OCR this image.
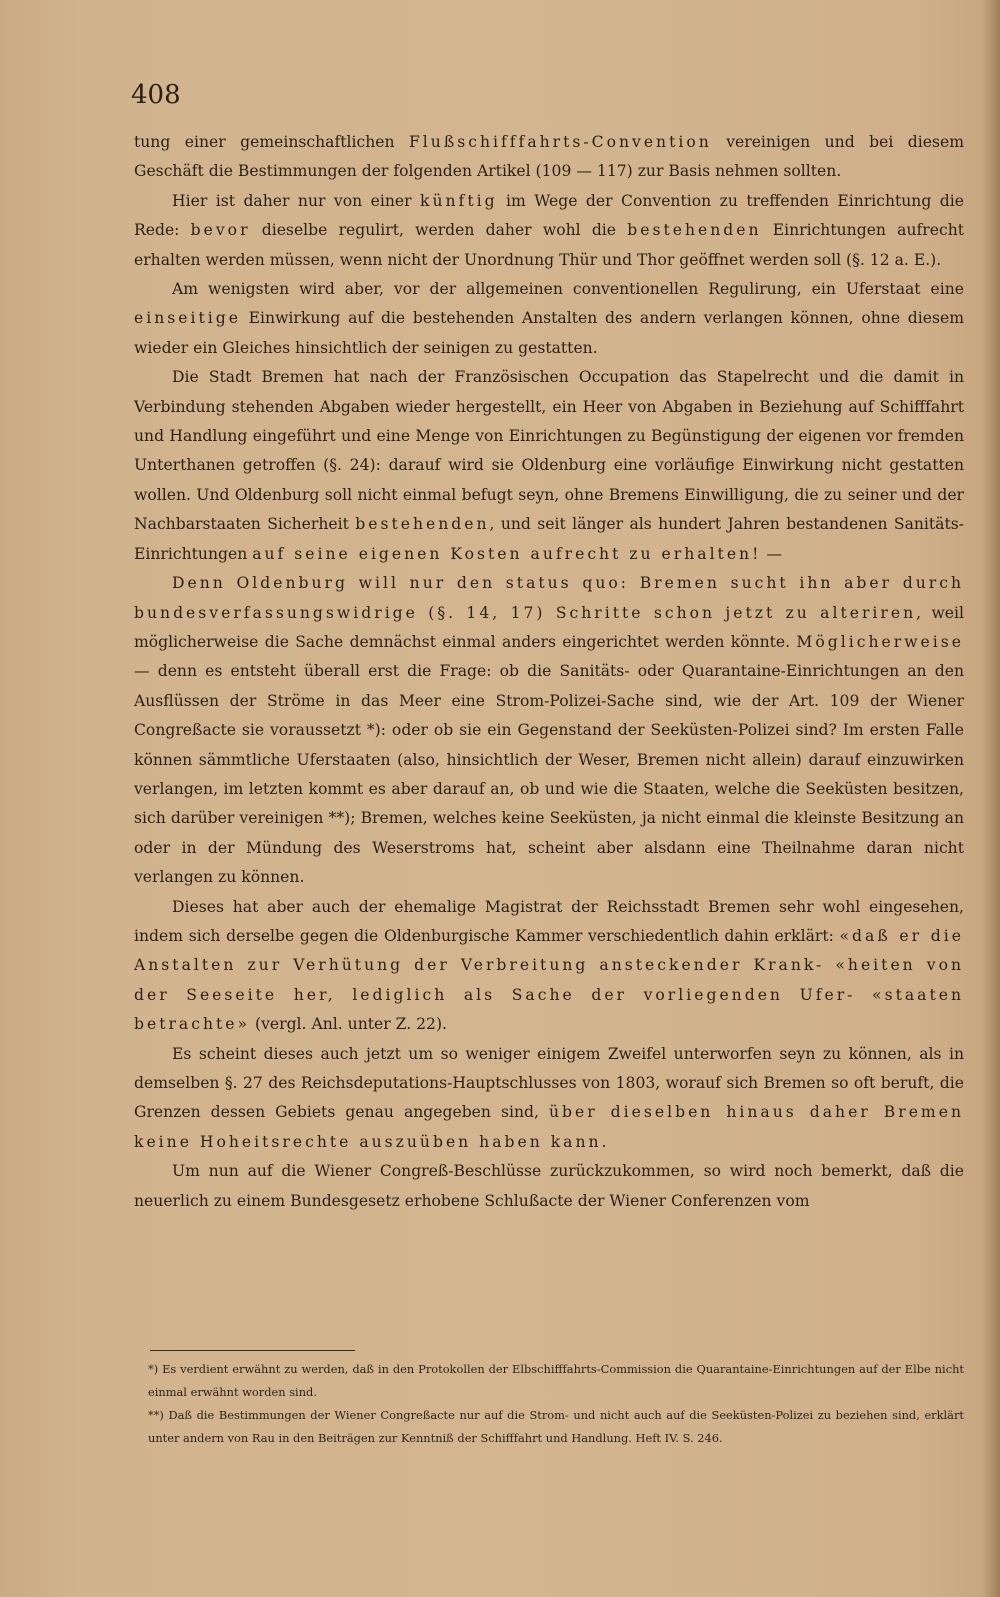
408

tung einer gemeinschaftlichen Flußschifffahrts-Convention vereinigen und bei diesem Geschäft die Bestimmungen der folgenden Artikel (109 — 117) zur Basis nehmen sollten.

Hier ist daher nur von einer künftig im Wege der Convention zu treffenden Einrichtung die Rede: bevor dieselbe regulirt, werden daher wohl die bestehenden Einrichtungen aufrecht erhalten werden müssen, wenn nicht der Unordnung Thür und Thor geöffnet werden soll (§. 12 a. E.).

Am wenigsten wird aber, vor der allgemeinen conventionellen Regulirung, ein Uferstaat eine einseitige Einwirkung auf die bestehenden Anstalten des andern verlangen können, ohne diesem wieder ein Gleiches hinsichtlich der seinigen zu gestatten.

Die Stadt Bremen hat nach der Französischen Occupation das Stapelrecht und die damit in Verbindung stehenden Abgaben wieder hergestellt, ein Heer von Abgaben in Beziehung auf Schifffahrt und Handlung eingeführt und eine Menge von Einrichtungen zu Begünstigung der eigenen vor fremden Unterthanen getroffen (§. 24): darauf wird sie Oldenburg eine vorläufige Einwirkung nicht gestatten wollen. Und Oldenburg soll nicht einmal befugt seyn, ohne Bremens Einwilligung, die zu seiner und der Nachbarstaaten Sicherheit bestehenden, und seit länger als hundert Jahren bestandenen Sanitäts-Einrichtungen auf seine eigenen Kosten aufrecht zu erhalten! —

Denn Oldenburg will nur den status quo: Bremen sucht ihn aber durch bundesverfassungswidrige (§. 14, 17) Schritte schon jetzt zu alteriren, weil möglicherweise die Sache demnächst einmal anders eingerichtet werden könnte. Möglicherweise — denn es entsteht überall erst die Frage: ob die Sanitäts- oder Quarantaine-Einrichtungen an den Ausflüssen der Ströme in das Meer eine Strom-Polizei-Sache sind, wie der Art. 109 der Wiener Congreßacte sie voraussetzt *): oder ob sie ein Gegenstand der Seeküsten-Polizei sind? Im ersten Falle können sämmtliche Uferstaaten (also, hinsichtlich der Weser, Bremen nicht allein) darauf einzuwirken verlangen, im letzten kommt es aber darauf an, ob und wie die Staaten, welche die Seeküsten besitzen, sich darüber vereinigen **); Bremen, welches keine Seeküsten, ja nicht einmal die kleinste Besitzung an oder in der Mündung des Weserstroms hat, scheint aber alsdann eine Theilnahme daran nicht verlangen zu können.

Dieses hat aber auch der ehemalige Magistrat der Reichsstadt Bremen sehr wohl eingesehen, indem sich derselbe gegen die Oldenburgische Kammer verschiedentlich dahin erklärt: «daß er die Anstalten zur Verhütung der Verbreitung ansteckender Krank- «heiten von der Seeseite her, lediglich als Sache der vorliegenden Ufer- «staaten betrachte» (vergl. Anl. unter Z. 22).

Es scheint dieses auch jetzt um so weniger einigem Zweifel unterworfen seyn zu können, als in demselben §. 27 des Reichsdeputations-Hauptschlusses von 1803, worauf sich Bremen so oft beruft, die Grenzen dessen Gebiets genau angegeben sind, über dieselben hinaus daher Bremen keine Hoheitsrechte auszuüben haben kann.

Um nun auf die Wiener Congreß-Beschlüsse zurückzukommen, so wird noch bemerkt, daß die neuerlich zu einem Bundesgesetz erhobene Schlußacte der Wiener Conferenzen vom

*) Es verdient erwähnt zu werden, daß in den Protokollen der Elbschifffahrts-Commission die Quarantaine-Einrichtungen auf der Elbe nicht einmal erwähnt worden sind.

**) Daß die Bestimmungen der Wiener Congreßacte nur auf die Strom- und nicht auch auf die Seeküsten-Polizei zu beziehen sind, erklärt unter andern von Rau in den Beiträgen zur Kenntniß der Schifffahrt und Handlung. Heft IV. S. 246.
